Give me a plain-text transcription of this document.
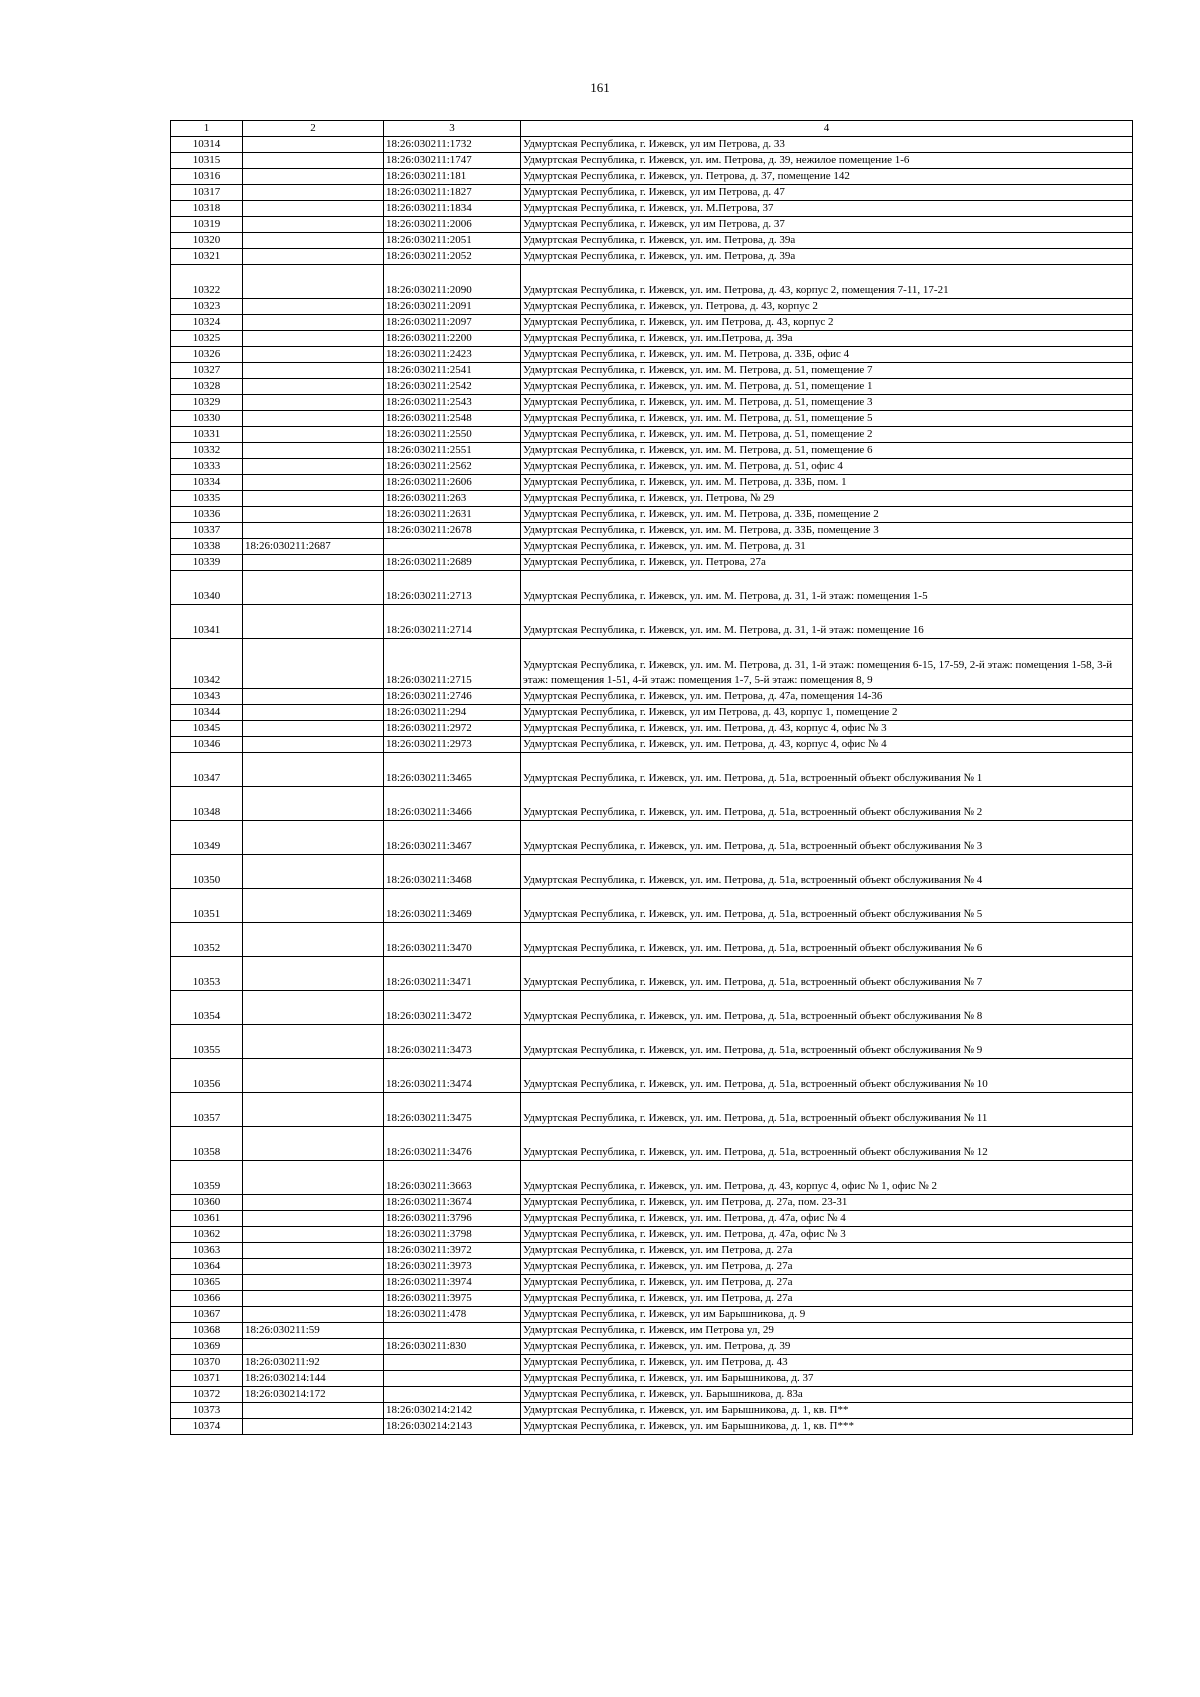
161
1	2	3	4
10314		18:26:030211:1732	Удмуртская Республика, г. Ижевск, ул им Петрова, д. 33
10315		18:26:030211:1747	Удмуртская Республика, г. Ижевск, ул. им. Петрова, д. 39, нежилое помещение 1-6
10316		18:26:030211:181	Удмуртская Республика, г. Ижевск, ул. Петрова, д. 37, помещение 142
10317		18:26:030211:1827	Удмуртская Республика, г. Ижевск, ул им Петрова, д. 47
10318		18:26:030211:1834	Удмуртская Республика, г. Ижевск, ул. М.Петрова, 37
10319		18:26:030211:2006	Удмуртская Республика, г. Ижевск, ул им Петрова, д. 37
10320		18:26:030211:2051	Удмуртская Республика, г. Ижевск, ул. им. Петрова, д. 39а
10321		18:26:030211:2052	Удмуртская Республика, г. Ижевск, ул. им. Петрова, д. 39а
10322		18:26:030211:2090	Удмуртская Республика, г. Ижевск, ул. им. Петрова, д. 43, корпус 2, помещения 7-11, 17-21
10323		18:26:030211:2091	Удмуртская Республика, г. Ижевск, ул. Петрова, д. 43, корпус 2
10324		18:26:030211:2097	Удмуртская Республика, г. Ижевск, ул. им Петрова, д. 43, корпус 2
10325		18:26:030211:2200	Удмуртская Республика, г. Ижевск, ул. им.Петрова, д. 39а
10326		18:26:030211:2423	Удмуртская Республика, г. Ижевск, ул. им. М. Петрова, д. 33Б, офис 4
10327		18:26:030211:2541	Удмуртская Республика, г. Ижевск, ул. им. М. Петрова, д. 51, помещение 7
10328		18:26:030211:2542	Удмуртская Республика, г. Ижевск, ул. им. М. Петрова, д. 51, помещение 1
10329		18:26:030211:2543	Удмуртская Республика, г. Ижевск, ул. им. М. Петрова, д. 51, помещение 3
10330		18:26:030211:2548	Удмуртская Республика, г. Ижевск, ул. им. М. Петрова, д. 51, помещение 5
10331		18:26:030211:2550	Удмуртская Республика, г. Ижевск, ул. им. М. Петрова, д. 51, помещение 2
10332		18:26:030211:2551	Удмуртская Республика, г. Ижевск, ул. им. М. Петрова, д. 51, помещение 6
10333		18:26:030211:2562	Удмуртская Республика, г. Ижевск, ул. им. М. Петрова, д. 51, офис 4
10334		18:26:030211:2606	Удмуртская Республика, г. Ижевск, ул. им. М. Петрова, д. 33Б, пом. 1
10335		18:26:030211:263	Удмуртская Республика, г. Ижевск, ул. Петрова, № 29
10336		18:26:030211:2631	Удмуртская Республика, г. Ижевск, ул. им. М. Петрова, д. 33Б, помещение 2
10337		18:26:030211:2678	Удмуртская Республика, г. Ижевск, ул. им. М. Петрова, д. 33Б, помещение 3
10338	18:26:030211:2687		Удмуртская Республика, г. Ижевск, ул. им. М. Петрова, д. 31
10339		18:26:030211:2689	Удмуртская Республика, г. Ижевск, ул. Петрова, 27а
10340		18:26:030211:2713	Удмуртская Республика, г. Ижевск, ул. им. М. Петрова, д. 31, 1-й этаж: помещения 1-5
10341		18:26:030211:2714	Удмуртская Республика, г. Ижевск, ул. им. М. Петрова, д. 31, 1-й этаж: помещение 16
10342		18:26:030211:2715	Удмуртская Республика, г. Ижевск, ул. им. М. Петрова, д. 31, 1-й этаж: помещения 6-15, 17-59, 2-й этаж: помещения 1-58, 3-й этаж: помещения 1-51, 4-й этаж: помещения 1-7, 5-й этаж: помещения 8, 9
10343		18:26:030211:2746	Удмуртская Республика, г. Ижевск, ул. им. Петрова, д. 47а, помещения 14-36
10344		18:26:030211:294	Удмуртская Республика, г. Ижевск, ул им Петрова, д. 43, корпус 1, помещение 2
10345		18:26:030211:2972	Удмуртская Республика, г. Ижевск, ул. им. Петрова, д. 43, корпус 4, офис № 3
10346		18:26:030211:2973	Удмуртская Республика, г. Ижевск, ул. им. Петрова, д. 43, корпус 4, офис № 4
10347		18:26:030211:3465	Удмуртская Республика, г. Ижевск, ул. им. Петрова, д. 51а, встроенный объект обслуживания № 1
10348		18:26:030211:3466	Удмуртская Республика, г. Ижевск, ул. им. Петрова, д. 51а, встроенный объект обслуживания № 2
10349		18:26:030211:3467	Удмуртская Республика, г. Ижевск, ул. им. Петрова, д. 51а, встроенный объект обслуживания № 3
10350		18:26:030211:3468	Удмуртская Республика, г. Ижевск, ул. им. Петрова, д. 51а, встроенный объект обслуживания № 4
10351		18:26:030211:3469	Удмуртская Республика, г. Ижевск, ул. им. Петрова, д. 51а, встроенный объект обслуживания № 5
10352		18:26:030211:3470	Удмуртская Республика, г. Ижевск, ул. им. Петрова, д. 51а, встроенный объект обслуживания № 6
10353		18:26:030211:3471	Удмуртская Республика, г. Ижевск, ул. им. Петрова, д. 51а, встроенный объект обслуживания № 7
10354		18:26:030211:3472	Удмуртская Республика, г. Ижевск, ул. им. Петрова, д. 51а, встроенный объект обслуживания № 8
10355		18:26:030211:3473	Удмуртская Республика, г. Ижевск, ул. им. Петрова, д. 51а, встроенный объект обслуживания № 9
10356		18:26:030211:3474	Удмуртская Республика, г. Ижевск, ул. им. Петрова, д. 51а, встроенный объект обслуживания № 10
10357		18:26:030211:3475	Удмуртская Республика, г. Ижевск, ул. им. Петрова, д. 51а, встроенный объект обслуживания № 11
10358		18:26:030211:3476	Удмуртская Республика, г. Ижевск, ул. им. Петрова, д. 51а, встроенный объект обслуживания № 12
10359		18:26:030211:3663	Удмуртская Республика, г. Ижевск, ул. им. Петрова, д. 43, корпус 4, офис № 1, офис № 2
10360		18:26:030211:3674	Удмуртская Республика, г. Ижевск, ул. им Петрова, д. 27а, пом. 23-31
10361		18:26:030211:3796	Удмуртская Республика, г. Ижевск, ул. им. Петрова, д. 47а, офис № 4
10362		18:26:030211:3798	Удмуртская Республика, г. Ижевск, ул. им. Петрова, д. 47а, офис № 3
10363		18:26:030211:3972	Удмуртская Республика, г. Ижевск, ул. им Петрова, д. 27а
10364		18:26:030211:3973	Удмуртская Республика, г. Ижевск, ул. им Петрова, д. 27а
10365		18:26:030211:3974	Удмуртская Республика, г. Ижевск, ул. им Петрова, д. 27а
10366		18:26:030211:3975	Удмуртская Республика, г. Ижевск, ул. им Петрова, д. 27а
10367		18:26:030211:478	Удмуртская Республика, г. Ижевск, ул им Барышникова, д. 9
10368	18:26:030211:59		Удмуртская Республика, г. Ижевск, им Петрова ул, 29
10369		18:26:030211:830	Удмуртская Республика, г. Ижевск, ул. им. Петрова, д. 39
10370	18:26:030211:92		Удмуртская Республика, г. Ижевск, ул. им Петрова, д. 43
10371	18:26:030214:144		Удмуртская Республика, г. Ижевск, ул. им Барышникова, д. 37
10372	18:26:030214:172		Удмуртская Республика, г. Ижевск, ул. Барышникова, д. 83а
10373		18:26:030214:2142	Удмуртская Республика, г. Ижевск, ул. им Барышникова, д. 1, кв. П**
10374		18:26:030214:2143	Удмуртская Республика, г. Ижевск, ул. им Барышникова, д. 1, кв. П***
